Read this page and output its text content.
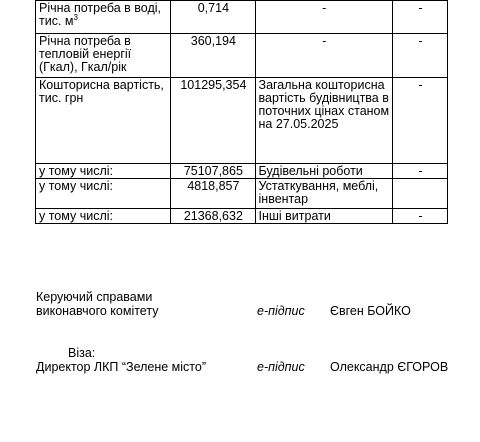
Річна потреба в воді,
тис. $м^3$	0,714	-	-
Річна потреба в тепловій енергії (Гкал), Гкал/рік	360,194	-	-
Кошторисна вартість, тис. грн	101295,354	Загальна кошторисна вартість будівництва в поточних цінах станом на 27.05.2025	-
у тому числі:	75107,865	Будівельні роботи	-
у тому числі:	4818,857	Устаткування, меблі, інвентар	
у тому числі:	21368,632	Інші витрати	-
Керуючий справами
виконавчого комітету	е-підпис Євген БОЙКО
Віза:
Директор ЛКП “Зелене місто”	е-підпис Олександр ЄГОРОВ
